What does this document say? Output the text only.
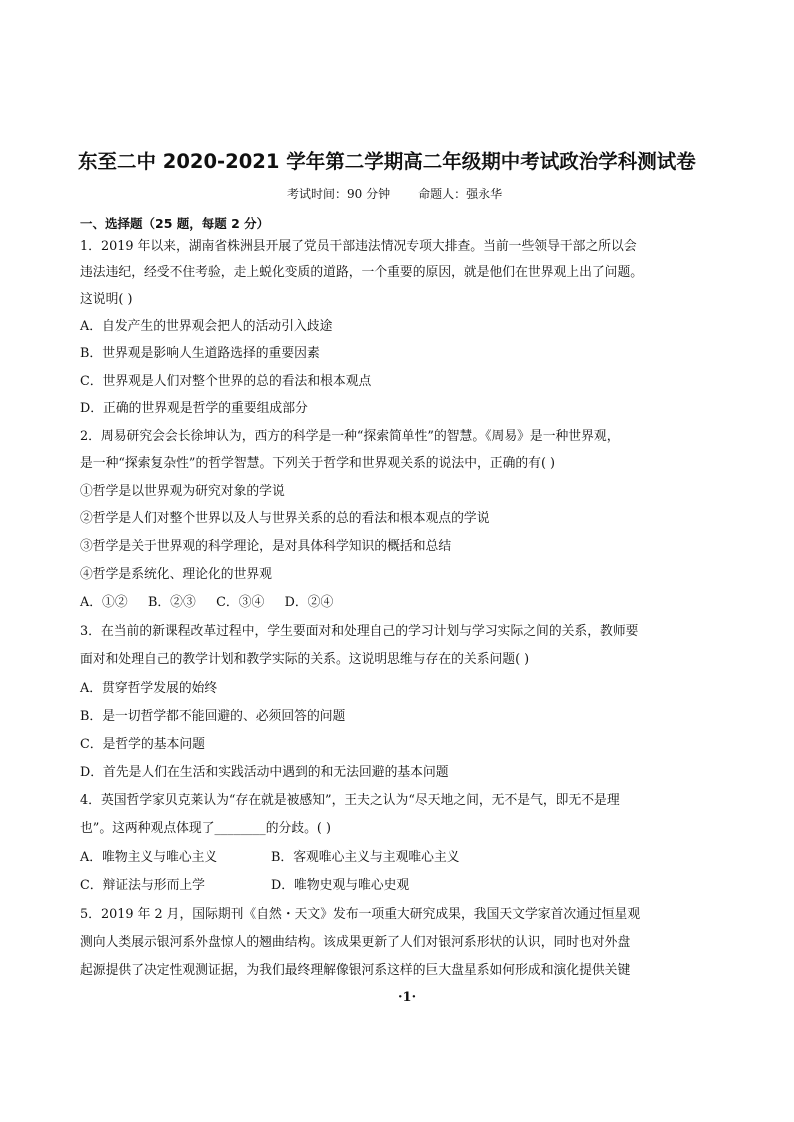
东至二中 2020-2021 学年第二学期高二年级期中考试政治学科测试卷
考试时间：90 分钟 命题人：强永华
一、选择题（25 题，每题 2 分）
1．2019 年以来，湖南省株洲县开展了党员干部违法情况专项大排查。当前一些领导干部之所以会
违法违纪，经受不住考验，走上蜕化变质的道路，一个重要的原因，就是他们在世界观上出了问题。
这说明( )
A．自发产生的世界观会把人的活动引入歧途
B．世界观是影响人生道路选择的重要因素
C．世界观是人们对整个世界的总的看法和根本观点
D．正确的世界观是哲学的重要组成部分
2．周易研究会会长徐坤认为，西方的科学是一种“探索简单性”的智慧。《周易》是一种世界观，
是一种“探索复杂性”的哲学智慧。下列关于哲学和世界观关系的说法中，正确的有( )
①哲学是以世界观为研究对象的学说
②哲学是人们对整个世界以及人与世界关系的总的看法和根本观点的学说
③哲学是关于世界观的科学理论，是对具体科学知识的概括和总结
④哲学是系统化、理论化的世界观
A．①②     B．②③     C．③④     D．②④
3．在当前的新课程改革过程中，学生要面对和处理自己的学习计划与学习实际之间的关系，教师要
面对和处理自己的教学计划和教学实际的关系。这说明思维与存在的关系问题( )
A．贯穿哲学发展的始终
B．是一切哲学都不能回避的、必须回答的问题
C．是哲学的基本问题
D．首先是人们在生活和实践活动中遇到的和无法回避的基本问题
4．英国哲学家贝克莱认为“存在就是被感知”，王夫之认为“尽天地之间，无不是气，即无不是理
也”。这两种观点体现了________的分歧。( )
A．唯物主义与唯心主义	B．客观唯心主义与主观唯心主义
C．辩证法与形而上学	D．唯物史观与唯心史观
5．2019 年 2 月，国际期刊《自然・天文》发布一项重大研究成果，我国天文学家首次通过恒星观
测向人类展示银河系外盘惊人的翘曲结构。该成果更新了人们对银河系形状的认识，同时也对外盘
起源提供了决定性观测证据，为我们最终理解像银河系这样的巨大盘星系如何形成和演化提供关键
·1·
